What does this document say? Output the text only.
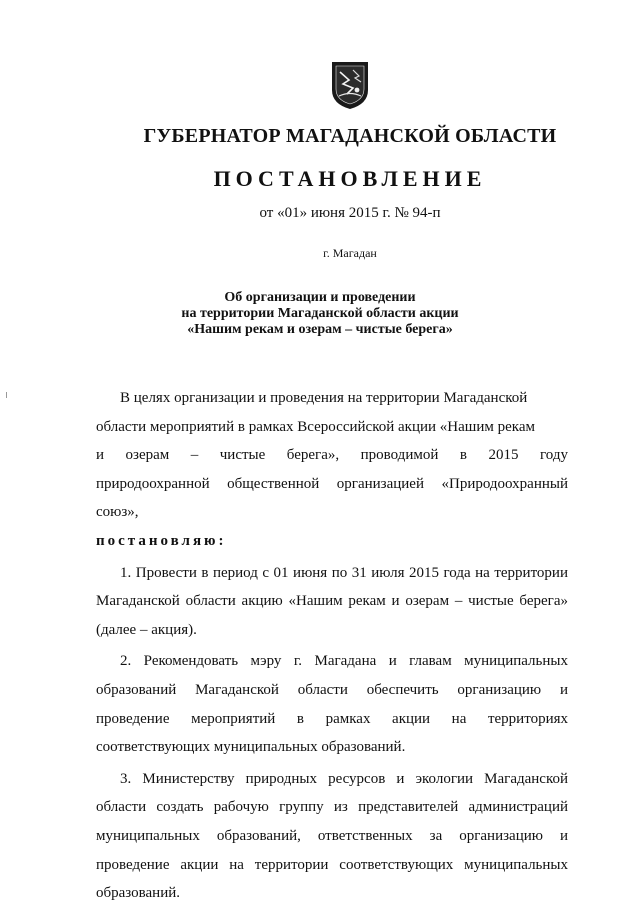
ГУБЕРНАТОР МАГАДАНСКОЙ ОБЛАСТИ
ПОСТАНОВЛЕНИЕ
от «01» июня 2015 г. № 94-п
г. Магадан
Об организации и проведении
на территории Магаданской области акции
«Нашим рекам и озерам – чистые берега»

В целях организации и проведения на территории Магаданской

области мероприятий в рамках Всероссийской акции «Нашим рекам

и озерам – чистые берега», проводимой в 2015 году

природоохранной общественной организацией «Природоохранный союз»,

постановляю:

1. Провести в период с 01 июня по 31 июля 2015 года на территории Магаданской области акцию «Нашим рекам и озерам – чистые берега» (далее – акция).

2. Рекомендовать мэру г. Магадана и главам муниципальных образований Магаданской области обеспечить организацию и проведение мероприятий в рамках акции на территориях соответствующих муниципальных образований.

3. Министерству природных ресурсов и экологии Магаданской области создать рабочую группу из представителей администраций муниципальных образований, ответственных за организацию и проведение акции на территории соответствующих муниципальных образований.
